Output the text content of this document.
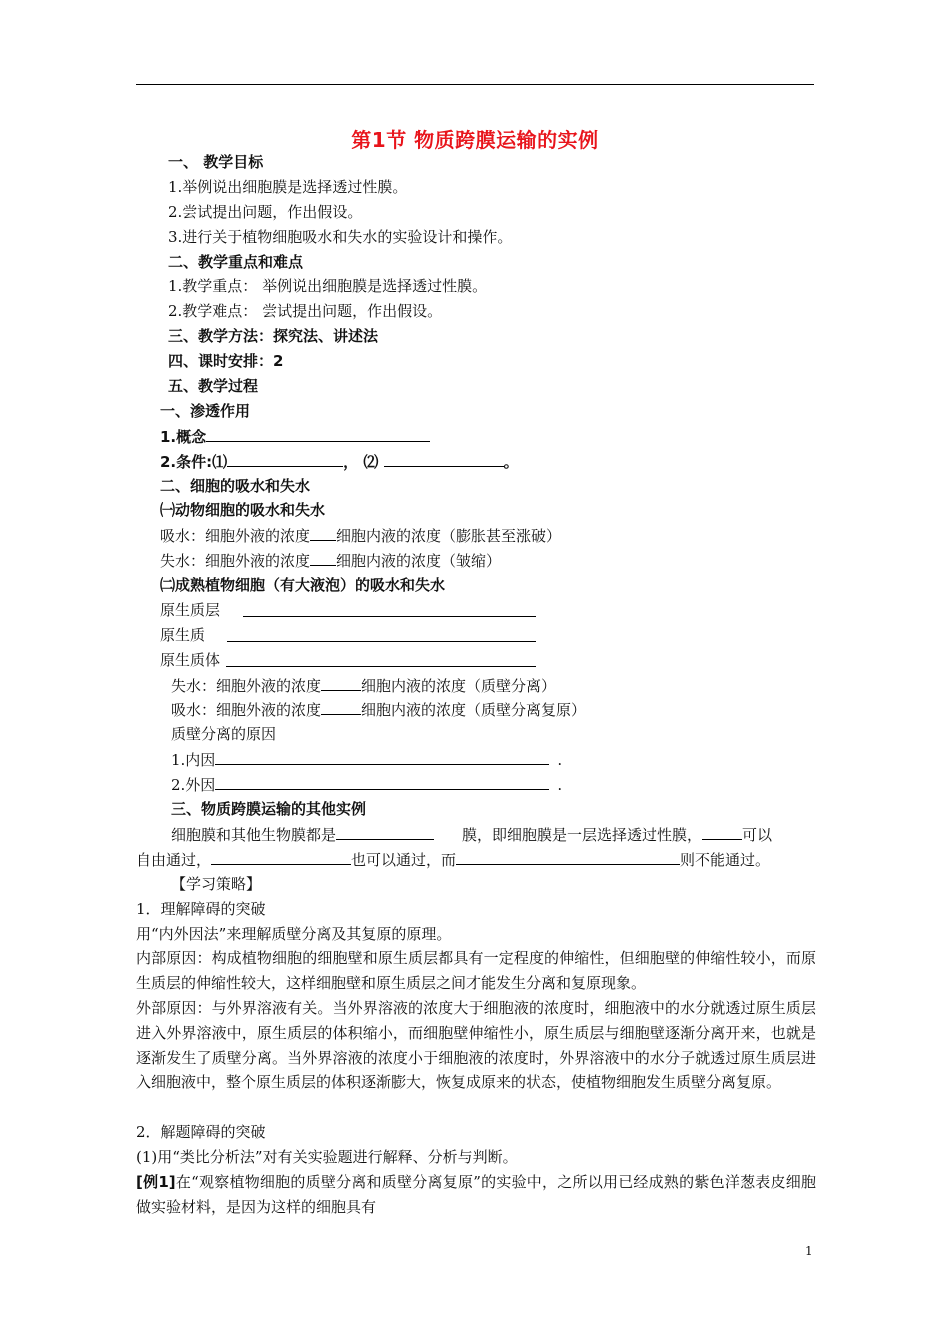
第1节 物质跨膜运输的实例
一、 教学目标
1.举例说出细胞膜是选择透过性膜。
2.尝试提出问题，作出假设。
3.进行关于植物细胞吸水和失水的实验设计和操作。
二、教学重点和难点
1.教学重点： 举例说出细胞膜是选择透过性膜。
2.教学难点： 尝试提出问题，作出假设。
三、教学方法：探究法、讲述法
四、课时安排：2
五、教学过程
一、渗透作用
1.概念
2.条件:⑴	， ⑵	。
二、细胞的吸水和失水
㈠动物细胞的吸水和失水
吸水：细胞外液的浓度 细胞内液的浓度（膨胀甚至涨破）
失水：细胞外液的浓度 细胞内液的浓度（皱缩）
㈡成熟植物细胞（有大液泡）的吸水和失水
原生质层
原生质
原生质体
失水：细胞外液的浓度	细胞内液的浓度（质壁分离）
吸水：细胞外液的浓度	细胞内液的浓度（质壁分离复原）
质壁分离的原因
1.内因	.
2.外因	.
三、物质跨膜运输的其他实例
细胞膜和其他生物膜都是	膜，即细胞膜是一层选择透过性膜，	可以
自由通过，	也可以通过，而	则不能通过。
【学习策略】
1．理解障碍的突破
用“内外因法”来理解质壁分离及其复原的原理。
内部原因：构成植物细胞的细胞壁和原生质层都具有一定程度的伸缩性，但细胞壁的伸缩性较小，而原生质层的伸缩性较大，这样细胞壁和原生质层之间才能发生分离和复原现象。
外部原因：与外界溶液有关。当外界溶液的浓度大于细胞液的浓度时，细胞液中的水分就透过原生质层进入外界溶液中，原生质层的体积缩小，而细胞壁伸缩性小，原生质层与细胞壁逐渐分离开来，也就是逐渐发生了质壁分离。当外界溶液的浓度小于细胞液的浓度时，外界溶液中的水分子就透过原生质层进入细胞液中，整个原生质层的体积逐渐膨大，恢复成原来的状态，使植物细胞发生质壁分离复原。
2．解题障碍的突破
(1)用“类比分析法”对有关实验题进行解释、分析与判断。
[例1]在“观察植物细胞的质壁分离和质壁分离复原”的实验中，之所以用已经成熟的紫色洋葱表皮细胞做实验材料，是因为这样的细胞具有
1
